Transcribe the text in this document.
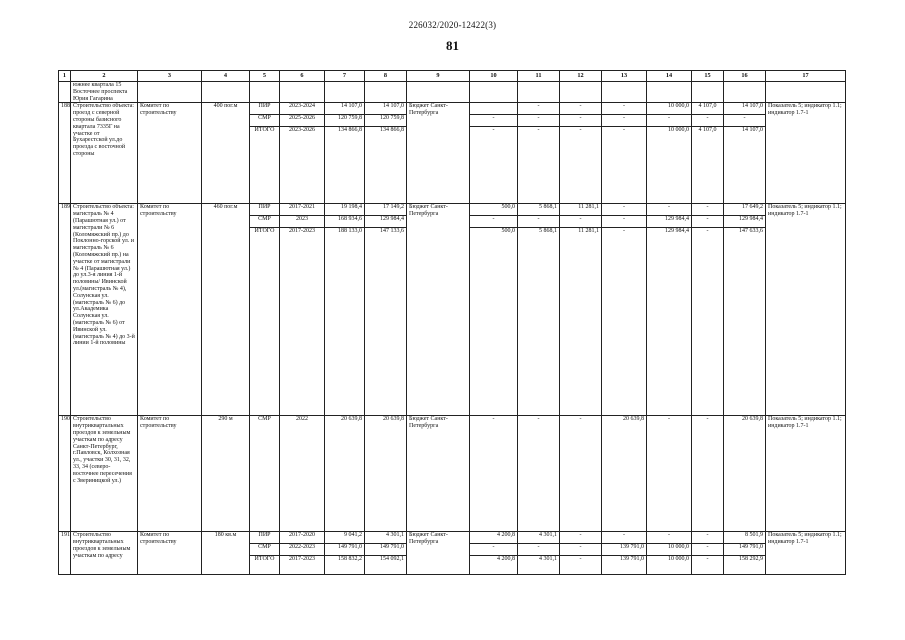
226032/2020-12422(3)
81
1	2	3	4	5	6	7	8	9	10	11	12	13	14	15	16	17
	южнее квартала 15 Восточнее проспекта Юрия Гагарина															
188	Строительство объекта: проезд с северной стороны базисного квартала 7335Г на участке от Бухарестской ул.до проезда с восточной стороны	Комитет по строительству	400 пог.м	ПИР	2023-2024	14 107,0	14 107,0	Бюджет Санкт-Петербурга		-	-	-	10 000,0	4 107,0	14 107,0	Показатель 5; индикатор 1.1; индикатор 1.7-1
				СМР	2025-2026	120 759,8	120 759,8		-	-	-	-	-	-	-	
				ИТОГО	2023-2026	134 866,8	134 866,8		-	-	-	-	10 000,0	4 107,0	14 107,0	
189	Строительство объекта: магистраль № 4 (Парашютная ул.) от магистрали № 6 (Коломяжский пр.) до Поклонно-горской ул. и магистраль № 6 (Коломяжский пр.) на участке от магистрали № 4 (Парашютная ул.) до ул.3-я линия 1-й половины/ Ивинской ул.(магистраль № 4), Солунская ул.(магистраль № 6) до ул.Академика Солунская ул.(магистраль № 6) от Ивинской ул.(магистраль № 4) до 3-й линии 1-й половины	Комитет по строительству	460 пог.м	ПИР	2017-2021	19 198,4	17 149,2	Бюджет Санкт-Петербурга	500,0	5 868,1	11 281,1	-	-	-	17 649,2	Показатель 5; индикатор 1.1; индикатор 1.7-1
				СМР	2023	168 934,6	129 984,4		-	-	-	-	129 984,4	-	129 984,4	
				ИТОГО	2017-2023	188 133,0	147 133,6		500,0	5 868,1	11 281,1	-	129 984,4	-	147 633,6	
190	Строительство внутриквартальных проездов к земельным участкам по адресу Санкт-Петербург, г.Павловск, Колхозная ул., участки 30, 31, 32, 33, 34 (северо-восточнее пересечения с Звериницкой ул.)	Комитет по строительству	290 м	СМР	2022	20 639,8	20 639,8	Бюджет Санкт-Петербурга	-	-	-	20 639,8	-	-	20 639,8	Показатель 5; индикатор 1.1; индикатор 1.7-1
191	Строительство внутриквартальных проездов к земельным участкам по адресу	Комитет по строительству	180 кв.м	ПИР	2017-2020	9 041,2	4 301,1	Бюджет Санкт-Петербурга	4 200,8	4 301,1	-	-	-	-	8 501,9	Показатель 5; индикатор 1.1; индикатор 1.7-1
				СМР	2022-2023	149 791,0	149 791,0		-	-	-	139 791,0	10 000,0	-	149 791,0	
				ИТОГО	2017-2023	158 832,2	154 092,1		4 200,8	4 301,1	-	139 791,0	10 000,0	-	158 292,9	
